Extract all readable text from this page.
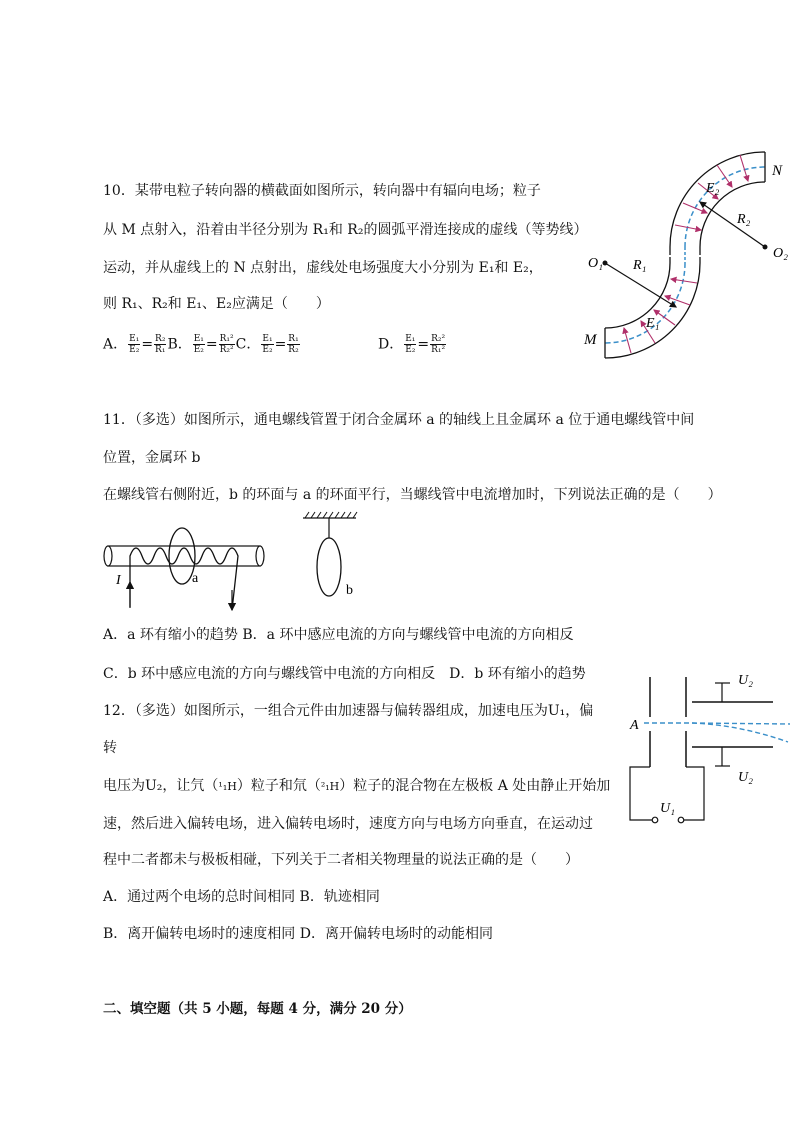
10．某带电粒子转向器的横截面如图所示，转向器中有辐向电场；粒子
从 M 点射入，沿着由半径分别为 R₁和 R₂的圆弧平滑连接成的虚线（等势线）
运动，并从虚线上的 N 点射出，虚线处电场强度大小分别为 E₁和 E₂，
则 R₁、R₂和 E₁、E₂应满足（　　）
A． $\frac{\text{E₁}}{\text{E₂}} = \frac{\text{R₂}}{\text{R₁}}$ B． $\frac{\text{E₁}}{\text{E₂}} = \frac{\text{R₁²}}{\text{R₂²}}$ C． $\frac{\text{E₁}}{\text{E₂}} = \frac{\text{R₁}}{\text{R₂}}$	D． $\frac{\text{E₁}}{\text{E₂}} = \frac{\text{R₂²}}{\text{R₁²}}$
N
E₂
R₂
O₂
O₁ R₁
E₁
M
11．（多选）如图所示，通电螺线管置于闭合金属环 a 的轴线上且金属环 a 位于通电螺线管中间
位置，金属环 b
在螺线管右侧附近，b 的环面与 a 的环面平行，当螺线管中电流增加时，下列说法正确的是（　　）
I	a
b
A．a 环有缩小的趋势 B．a 环中感应电流的方向与螺线管中电流的方向相反
C．b 环中感应电流的方向与螺线管中电流的方向相反　D．b 环有缩小的趋势
12．（多选）如图所示，一组合元件由加速器与偏转器组成，加速电压为U₁，偏
转
电压为U₂，让氕（¹₁H）粒子和氘（²₁H）粒子的混合物在左极板 A 处由静止开始加
速，然后进入偏转电场，进入偏转电场时，速度方向与电场方向垂直，在运动过
程中二者都未与极板相碰，下列关于二者相关物理量的说法正确的是（　　）
U₂
U₂
A
U₁
A．通过两个电场的总时间相同 B．轨迹相同
B．离开偏转电场时的速度相同 D．离开偏转电场时的动能相同
二、填空题（共 5 小题，每题 4 分，满分 20 分）
